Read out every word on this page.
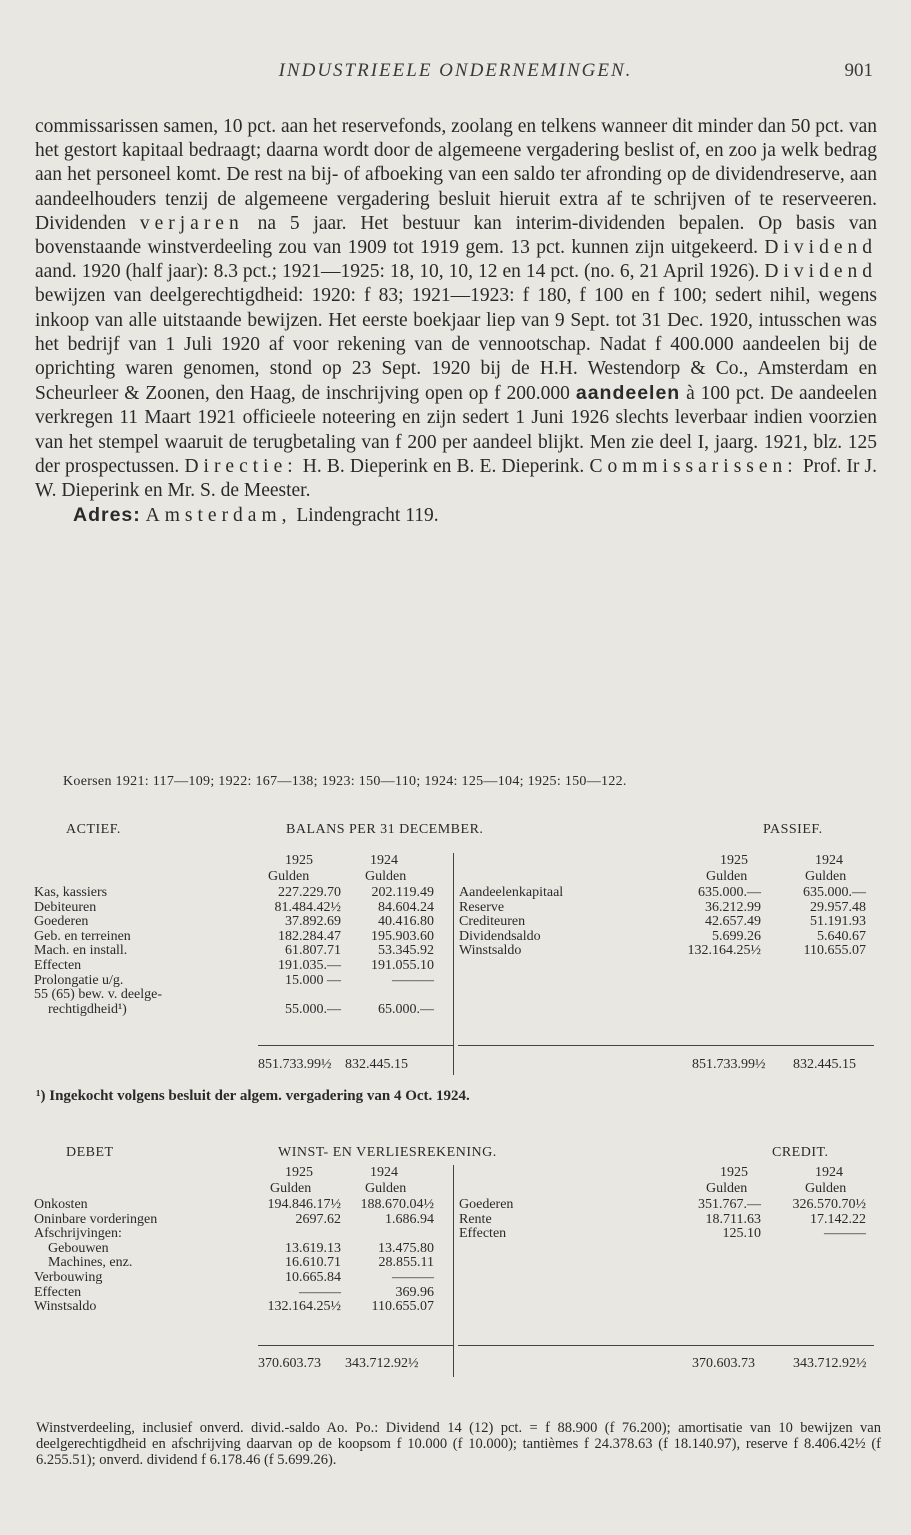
INDUSTRIEELE ONDERNEMINGEN.	901

commissarissen samen, 10 pct. aan het reservefonds, zoolang en telkens wanneer dit minder dan 50 pct. van het gestort kapitaal bedraagt; daarna wordt door de algemeene vergadering beslist of, en zoo ja welk bedrag aan het personeel komt. De rest na bij- of afboeking van een saldo ter afronding op de dividendreserve, aan aandeelhouders tenzij de algemeene vergadering besluit hieruit extra af te schrijven of te reserveeren. Dividenden verjaren na 5 jaar. Het bestuur kan interim-dividenden bepalen. Op basis van bovenstaande winstverdeeling zou van 1909 tot 1919 gem. 13 pct. kunnen zijn uitgekeerd. Dividend aand. 1920 (half jaar): 8.3 pct.; 1921—1925: 18, 10, 10, 12 en 14 pct. (no. 6, 21 April 1926). Dividend bewijzen van deelgerechtigdheid: 1920: f 83; 1921—1923: f 180, f 100 en f 100; sedert nihil, wegens inkoop van alle uitstaande bewijzen. Het eerste boekjaar liep van 9 Sept. tot 31 Dec. 1920, intusschen was het bedrijf van 1 Juli 1920 af voor rekening van de vennootschap. Nadat f 400.000 aandeelen bij de oprichting waren genomen, stond op 23 Sept. 1920 bij de H.H. Westendorp & Co., Amsterdam en Scheurleer & Zoonen, den Haag, de inschrijving open op f 200.000 aandeelen à 100 pct. De aandeelen verkregen 11 Maart 1921 officieele noteering en zijn sedert 1 Juni 1926 slechts leverbaar indien voorzien van het stempel waaruit de terugbetaling van f 200 per aandeel blijkt. Men zie deel I, jaarg. 1921, blz. 125 der prospectussen. Directie: H. B. Dieperink en B. E. Dieperink. Commissarissen: Prof. Ir J. W. Dieperink en Mr. S. de Meester.

Adres: Amsterdam, Lindengracht 119.

Koersen 1921: 117—109; 1922: 167—138; 1923: 150—110; 1924: 125—104; 1925: 150—122.
ACTIEF.	BALANS PER 31 DECEMBER.	PASSIEF.
1925	1924
Gulden	Gulden
1925	1924
Gulden	Gulden
Kas, kassiers	227.229.70 202.119.49
Debiteuren	81.484.42½	84.604.24
Goederen	37.892.69	40.416.80
Geb. en terreinen	182.284.47 195.903.60
Mach. en install.	61.807.71	53.345.92
Effecten	191.035.— 191.055.10
Prolongatie u/g.	15.000 —	———
55 (65) bew. v. deelge-
rechtigdheid¹)	55.000.—	65.000.—
Aandeelenkapitaal	635.000.—	635.000.—
Reserve	36.212.99	29.957.48
Crediteuren	42.657.49	51.191.93
Dividendsaldo	5.699.26	5.640.67
Winstsaldo	132.164.25½	110.655.07
851.733.99½ 832.445.15	851.733.99½ 832.445.15
¹) Ingekocht volgens besluit der algem. vergadering van 4 Oct. 1924.
DEBET	WINST- EN VERLIESREKENING.	CREDIT.
1925	1924
Gulden	Gulden
1925	1924
Gulden	Gulden
Onkosten	194.846.17½ 188.670.04½
Oninbare vorderingen	2697.62	1.686.94
Afschrijvingen:
Gebouwen	13.619.13	13.475.80
Machines, enz.	16.610.71	28.855.11
Verbouwing	10.665.84	———
Effecten	———	369.96
Winstsaldo	132.164.25½ 110.655.07
Goederen	351.767.— 326.570.70½
Rente	18.711.63	17.142.22
Effecten	125.10	———
370.603.73 343.712.92½	370.603.73	343.712.92½

Winstverdeeling, inclusief onverd. divid.-saldo Ao. Po.: Dividend 14 (12) pct. = f 88.900 (f 76.200); amortisatie van 10 bewijzen van deelgerechtigdheid en afschrijving daarvan op de koopsom f 10.000 (f 10.000); tantièmes f 24.378.63 (f 18.140.97), reserve f 8.406.42½ (f 6.255.51); onverd. dividend f 6.178.46 (f 5.699.26).
